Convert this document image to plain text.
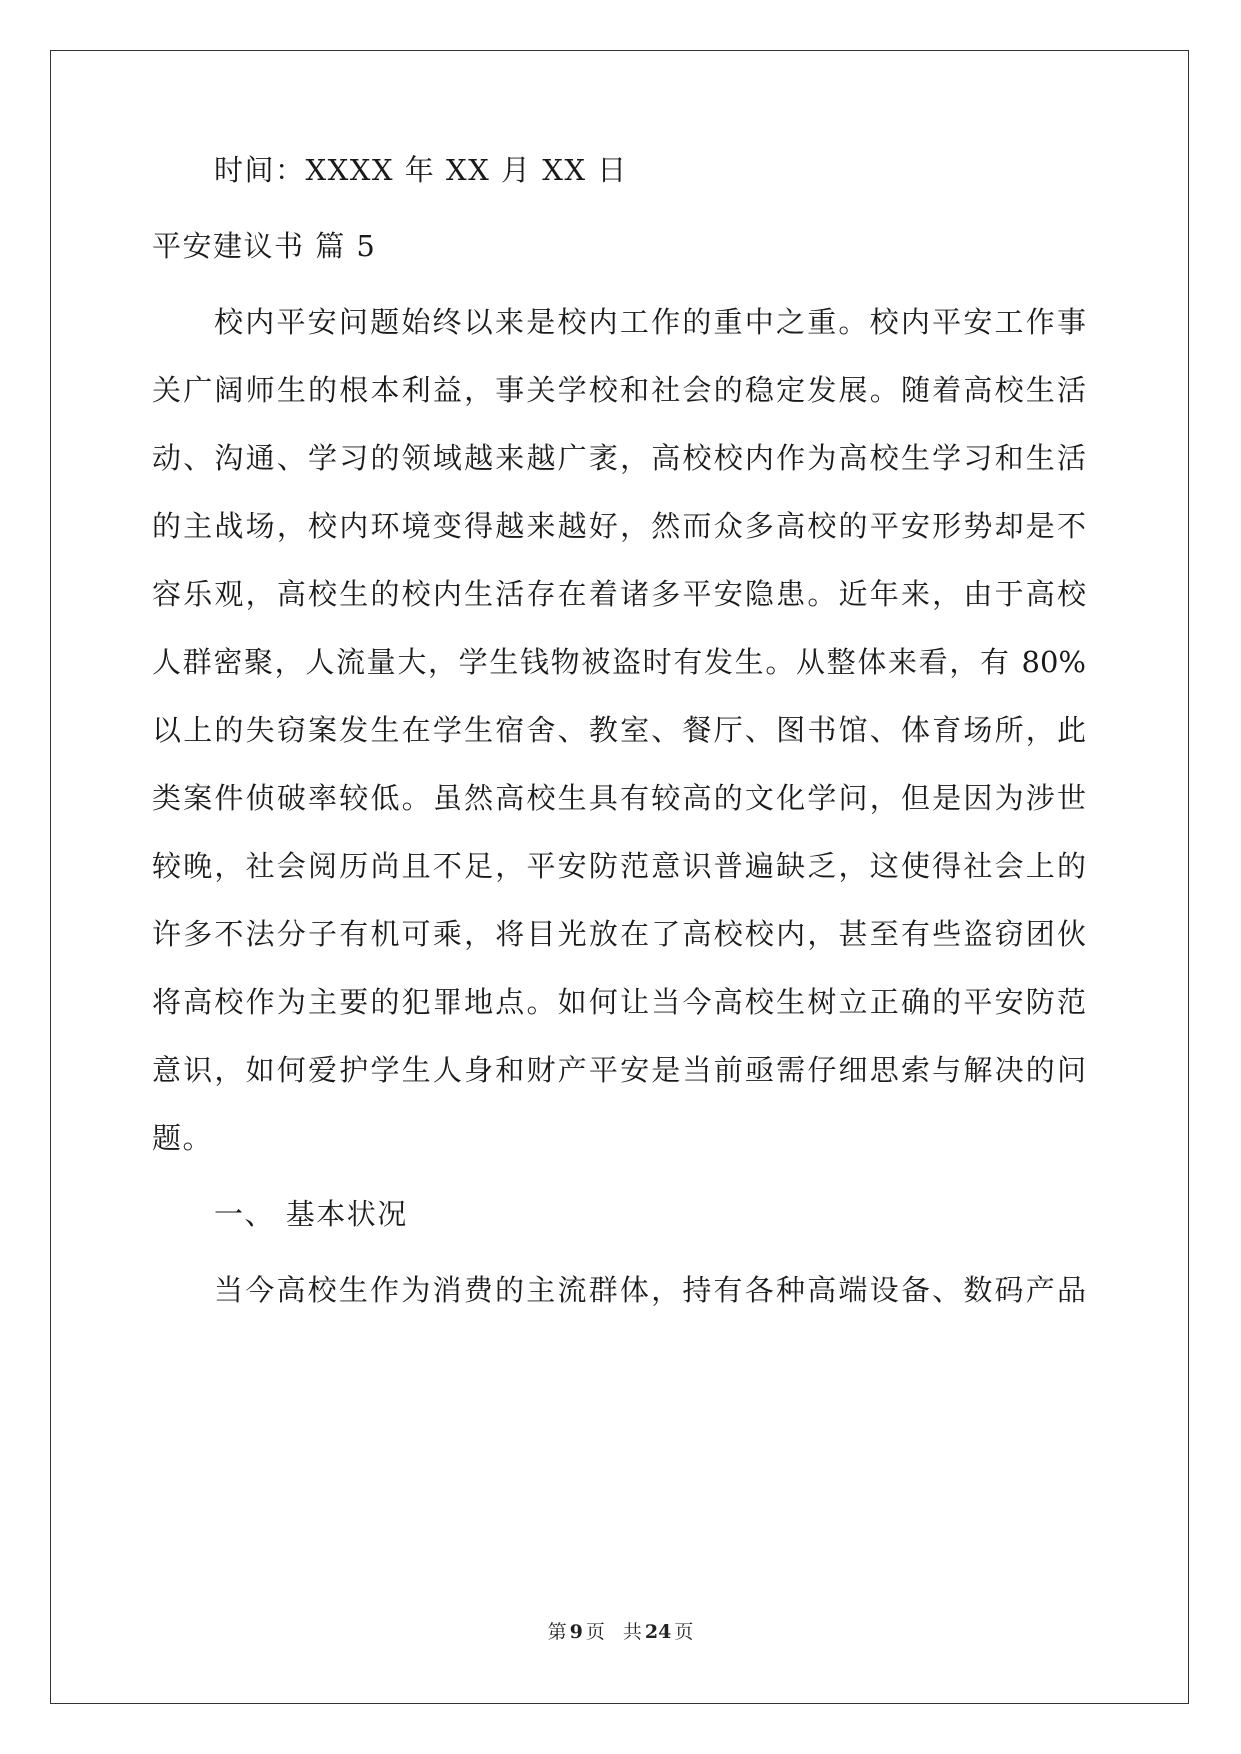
时间：XXXX 年 XX 月 XX 日
平安建议书 篇 5
校内平安问题始终以来是校内工作的重中之重。校内平安工作事
关广阔师生的根本利益，事关学校和社会的稳定发展。随着高校生活
动、沟通、学习的领域越来越广袤，高校校内作为高校生学习和生活
的主战场，校内环境变得越来越好，然而众多高校的平安形势却是不
容乐观，高校生的校内生活存在着诸多平安隐患。近年来，由于高校
人群密聚，人流量大，学生钱物被盗时有发生。从整体来看，有 80%
以上的失窃案发生在学生宿舍、教室、餐厅、图书馆、体育场所，此
类案件侦破率较低。虽然高校生具有较高的文化学问，但是因为涉世
较晚，社会阅历尚且不足，平安防范意识普遍缺乏，这使得社会上的
许多不法分子有机可乘，将目光放在了高校校内，甚至有些盗窃团伙
将高校作为主要的犯罪地点。如何让当今高校生树立正确的平安防范
意识，如何爱护学生人身和财产平安是当前亟需仔细思索与解决的问
题。
一、 基本状况
当今高校生作为消费的主流群体，持有各种高端设备、数码产品
第 9 页 共 24 页
